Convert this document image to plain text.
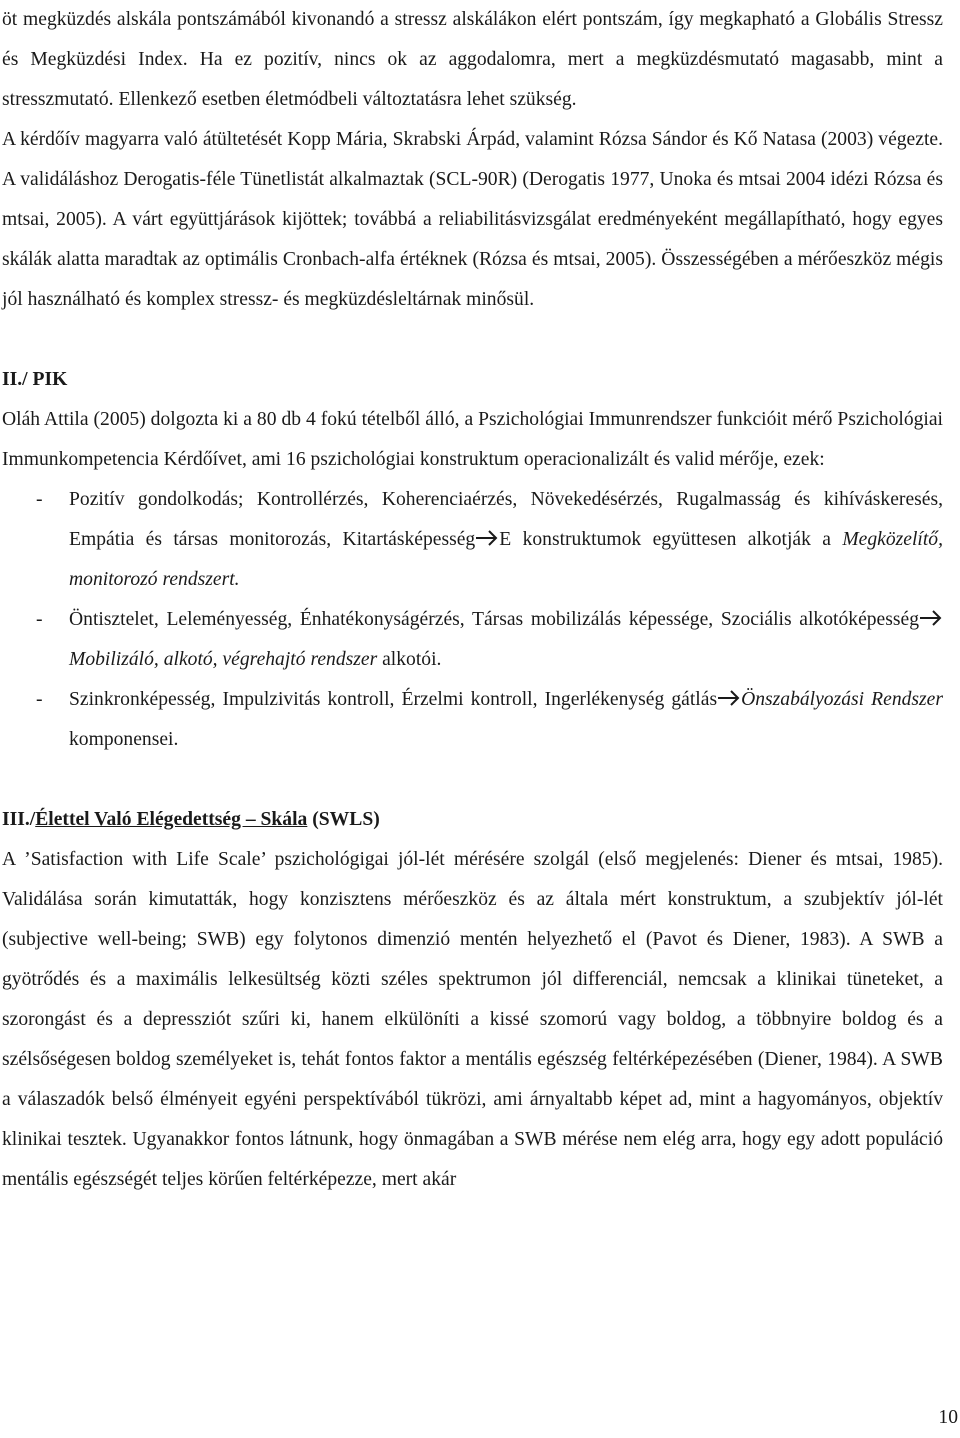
öt megküzdés alskála pontszámából kivonandó a stressz alskálákon elért pontszám, így megkapható a Globális Stressz és Megküzdési Index. Ha ez pozitív, nincs ok az aggodalomra, mert a megküzdésmutató magasabb, mint a stresszmutató. Ellenkező esetben életmódbeli változtatásra lehet szükség.

A kérdőív magyarra való átültetését Kopp Mária, Skrabski Árpád, valamint Rózsa Sándor és Kő Natasa (2003) végezte. A validáláshoz Derogatis-féle Tünetlistát alkalmaztak (SCL-90R) (Derogatis 1977, Unoka és mtsai 2004 idézi Rózsa és mtsai, 2005). A várt együttjárások kijöttek; továbbá a reliabilitásvizsgálat eredményeként megállapítható, hogy egyes skálák alatta maradtak az optimális Cronbach-alfa értéknek (Rózsa és mtsai, 2005). Összességében a mérőeszköz mégis jól használható és komplex stressz- és megküzdésleltárnak minősül.

II./ PIK

Oláh Attila (2005) dolgozta ki a 80 db 4 fokú tételből álló, a Pszichológiai Immunrendszer funkcióit mérő Pszichológiai Immunkompetencia Kérdőívet, ami 16 pszichológiai konstruktum operacionalizált és valid mérője, ezek:

- Pozitív gondolkodás; Kontrollérzés, Koherenciaérzés, Növekedésérzés, Rugalmasság és kihíváskeresés, Empátia és társas monitorozás, Kitartásképesség E konstruktumok együttesen alkotják a Megközelítő, monitorozó rendszert.
- Öntisztelet, Leleményesség, Énhatékonyságérzés, Társas mobilizálás képessége, Szociális alkotóképesség
Mobilizáló, alkotó, végrehajtó rendszer alkotói.
- Szinkronképesség, Impulzivitás kontroll, Érzelmi kontroll, Ingerlékenység gátlás Önszabályozási Rendszer komponensei.
III./Élettel Való Elégedettség – Skála (SWLS)

A ’Satisfaction with Life Scale’ pszichológigai jól-lét mérésére szolgál (első megjelenés: Diener és mtsai, 1985). Validálása során kimutatták, hogy konzisztens mérőeszköz és az általa mért konstruktum, a szubjektív jól-lét (subjective well-being; SWB) egy folytonos dimenzió mentén helyezhető el (Pavot és Diener, 1983). A SWB a gyötrődés és a maximális lelkesültség közti széles spektrumon jól differenciál, nemcsak a klinikai tüneteket, a szorongást és a depressziót szűri ki, hanem elkülöníti a kissé szomorú vagy boldog, a többnyire boldog és a szélsőségesen boldog személyeket is, tehát fontos faktor a mentális egészség feltérképezésében (Diener, 1984). A SWB a válaszadók belső élményeit egyéni perspektívából tükrözi, ami árnyaltabb képet ad, mint a hagyományos, objektív klinikai tesztek. Ugyanakkor fontos látnunk, hogy önmagában a SWB mérése nem elég arra, hogy egy adott populáció mentális egészségét teljes körűen feltérképezze, mert akár

10
